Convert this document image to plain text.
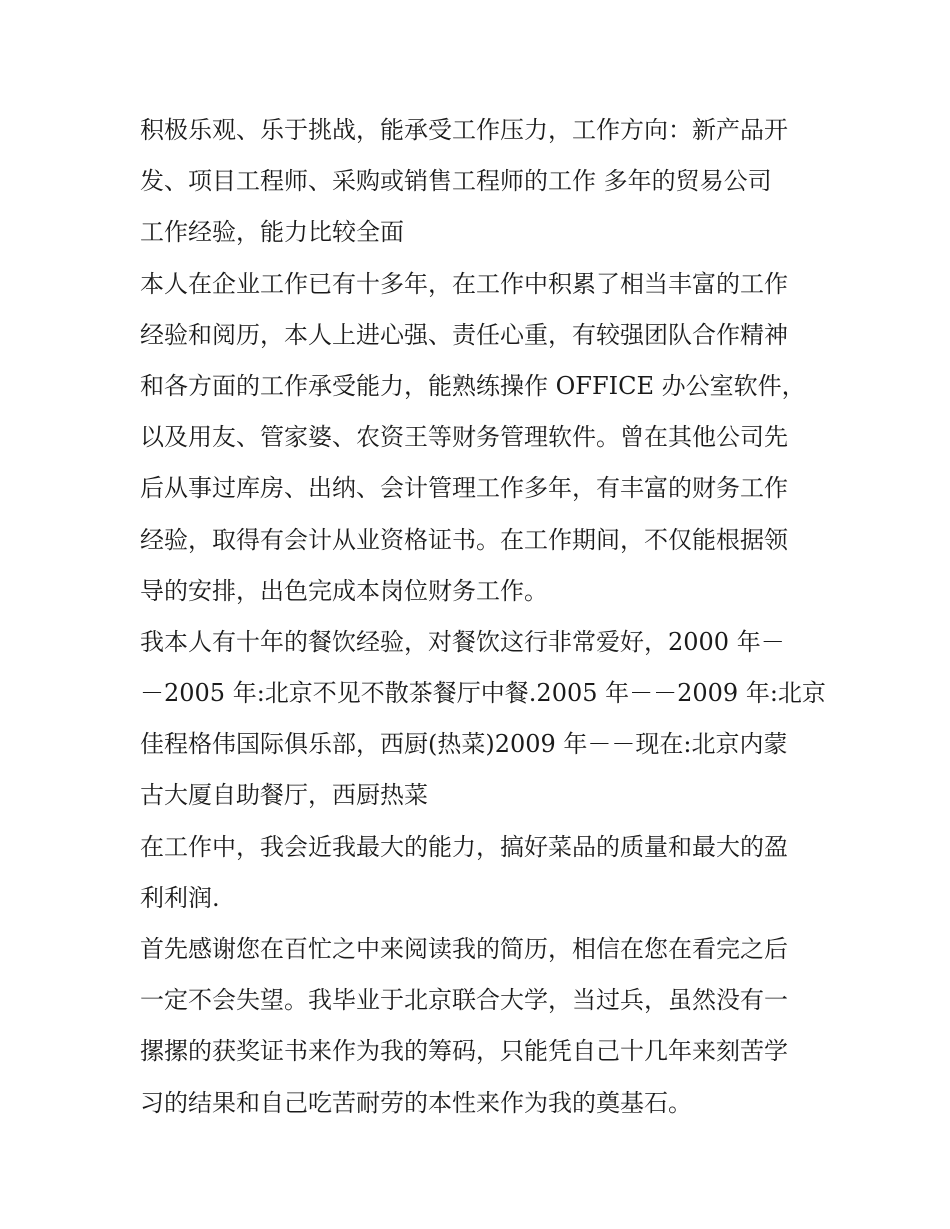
积极乐观、乐于挑战，能承受工作压力，工作方向：新产品开
发、项目工程师、采购或销售工程师的工作 多年的贸易公司
工作经验，能力比较全面
本人在企业工作已有十多年，在工作中积累了相当丰富的工作
经验和阅历，本人上进心强、责任心重，有较强团队合作精神
和各方面的工作承受能力，能熟练操作 OFFICE 办公室软件，
以及用友、管家婆、农资王等财务管理软件。曾在其他公司先
后从事过库房、出纳、会计管理工作多年，有丰富的财务工作
经验，取得有会计从业资格证书。在工作期间，不仅能根据领
导的安排，出色完成本岗位财务工作。
我本人有十年的餐饮经验，对餐饮这行非常爱好，2000 年－
－2005 年:北京不见不散茶餐厅中餐.2005 年－－2009 年:北京
佳程格伟国际俱乐部，西厨(热菜)2009 年－－现在:北京内蒙
古大厦自助餐厅，西厨热菜
在工作中，我会近我最大的能力，搞好菜品的质量和最大的盈
利利润.
首先感谢您在百忙之中来阅读我的简历，相信在您在看完之后
一定不会失望。我毕业于北京联合大学，当过兵，虽然没有一
摞摞的获奖证书来作为我的筹码，只能凭自己十几年来刻苦学
习的结果和自己吃苦耐劳的本性来作为我的奠基石。
